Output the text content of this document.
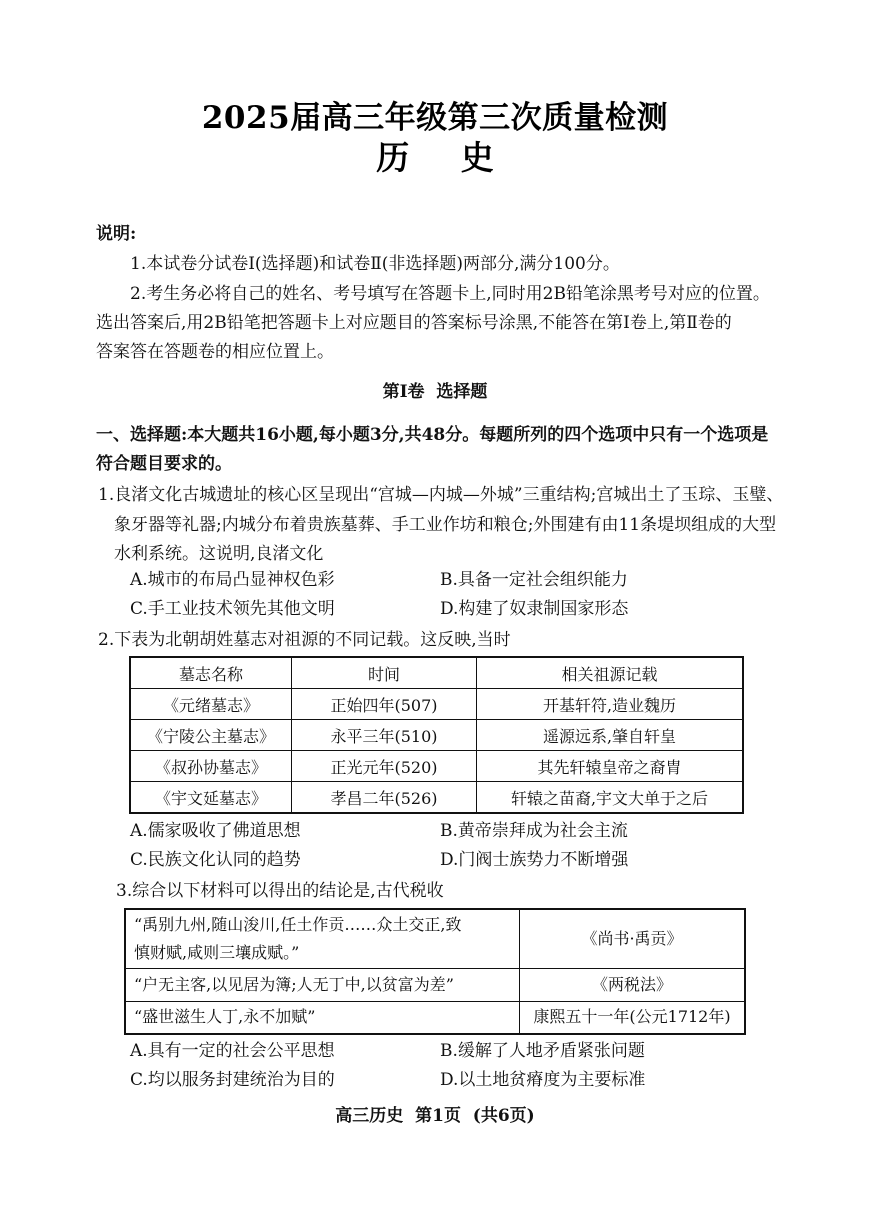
2025届高三年级第三次质量检测
历 史
说明:
1.本试卷分试卷Ⅰ(选择题)和试卷Ⅱ(非选择题)两部分,满分100分。
2.考生务必将自己的姓名、考号填写在答题卡上,同时用2B铅笔涂黑考号对应的位置。
选出答案后,用2B铅笔把答题卡上对应题目的答案标号涂黑,不能答在第Ⅰ卷上,第Ⅱ卷的
答案答在答题卷的相应位置上。
第Ⅰ卷  选择题
一、选择题:本大题共16小题,每小题3分,共48分。每题所列的四个选项中只有一个选项是
符合题目要求的。
1.良渚文化古城遗址的核心区呈现出“宫城—内城—外城”三重结构;宫城出土了玉琮、玉璧、
象牙器等礼器;内城分布着贵族墓葬、手工业作坊和粮仓;外围建有由11条堤坝组成的大型
水利系统。这说明,良渚文化
A.城市的布局凸显神权色彩	B.具备一定社会组织能力
C.手工业技术领先其他文明	D.构建了奴隶制国家形态
2.下表为北朝胡姓墓志对祖源的不同记载。这反映,当时
墓志名称	时间	相关祖源记载
《元绪墓志》	正始四年(507)	开基轩符,造业魏历
《宁陵公主墓志》	永平三年(510)	遥源远系,肇自轩皇
《叔孙协墓志》	正光元年(520)	其先轩辕皇帝之裔胄
《宇文延墓志》	孝昌二年(526)	轩辕之苗裔,宇文大单于之后
A.儒家吸收了佛道思想	B.黄帝崇拜成为社会主流
C.民族文化认同的趋势	D.门阀士族势力不断增强
3.综合以下材料可以得出的结论是,古代税收
“禹别九州,随山浚川,任土作贡……众土交正,致
慎财赋,咸则三壤成赋。”	《尚书·禹贡》
“户无主客,以见居为簿;人无丁中,以贫富为差”	《两税法》
“盛世滋生人丁,永不加赋”	康熙五十一年(公元1712年)
A.具有一定的社会公平思想	B.缓解了人地矛盾紧张问题
C.均以服务封建统治为目的	D.以土地贫瘠度为主要标准
高三历史  第1页  (共6页)
